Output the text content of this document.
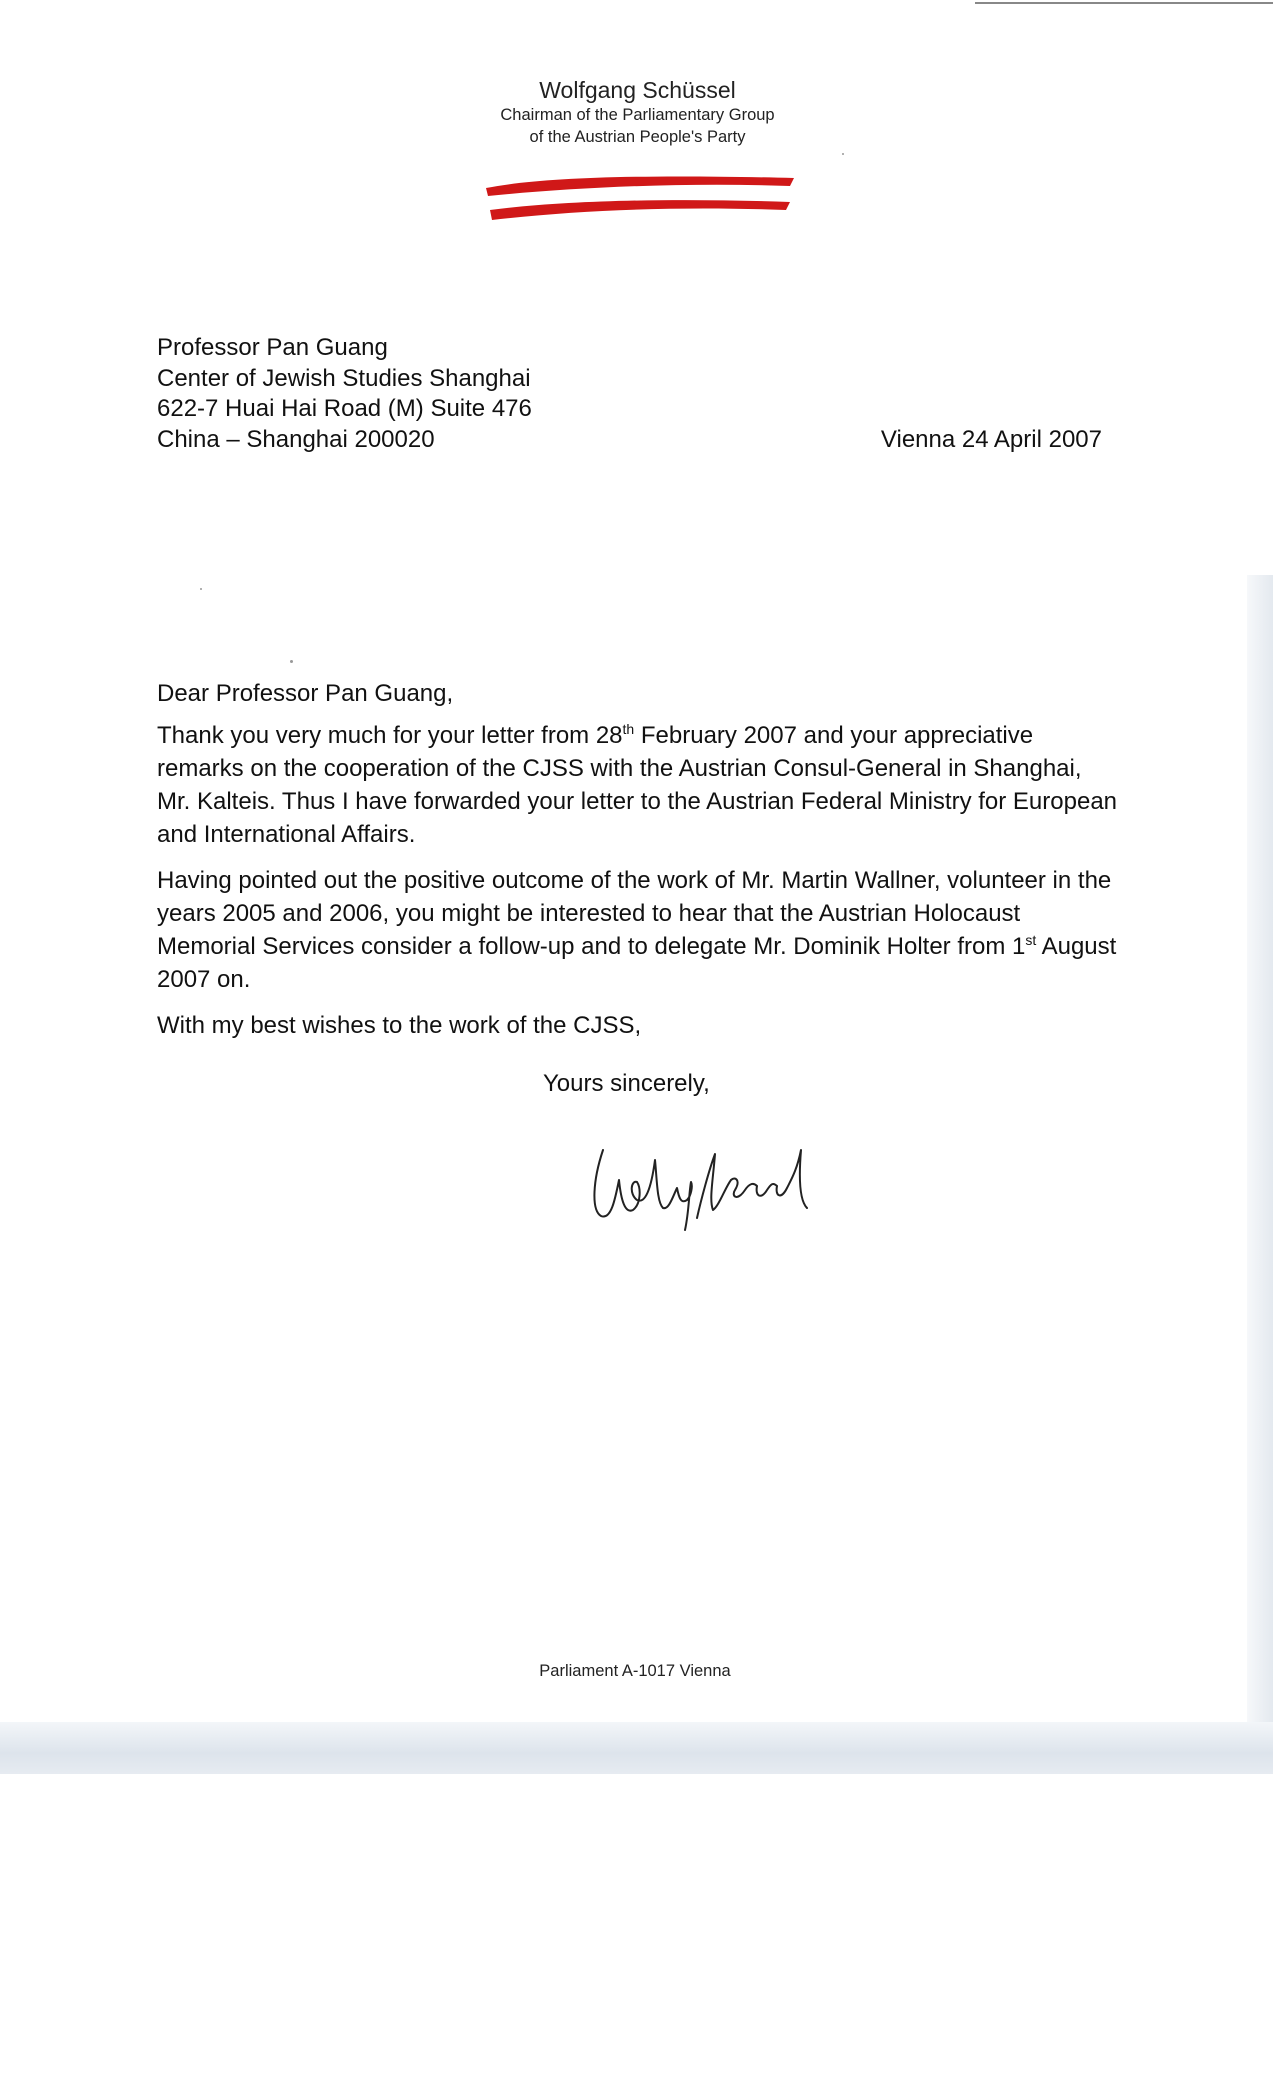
Wolfgang Schüssel
Chairman of the Parliamentary Group
of the Austrian People's Party
Professor Pan Guang
Center of Jewish Studies Shanghai
622-7 Huai Hai Road (M) Suite 476
China – Shanghai 200020	Vienna 24 April 2007

Dear Professor Pan Guang,

Thank you very much for your letter from 28th February 2007 and your appreciative remarks on the cooperation of the CJSS with the Austrian Consul-General in Shanghai, Mr. Kalteis. Thus I have forwarded your letter to the Austrian Federal Ministry for European and International Affairs.

Having pointed out the positive outcome of the work of Mr. Martin Wallner, volunteer in the years 2005 and 2006, you might be interested to hear that the Austrian Holocaust Memorial Services consider a follow-up and to delegate Mr. Dominik Holter from 1st August 2007 on.

With my best wishes to the work of the CJSS,

Yours sincerely,
Parliament A-1017 Vienna
